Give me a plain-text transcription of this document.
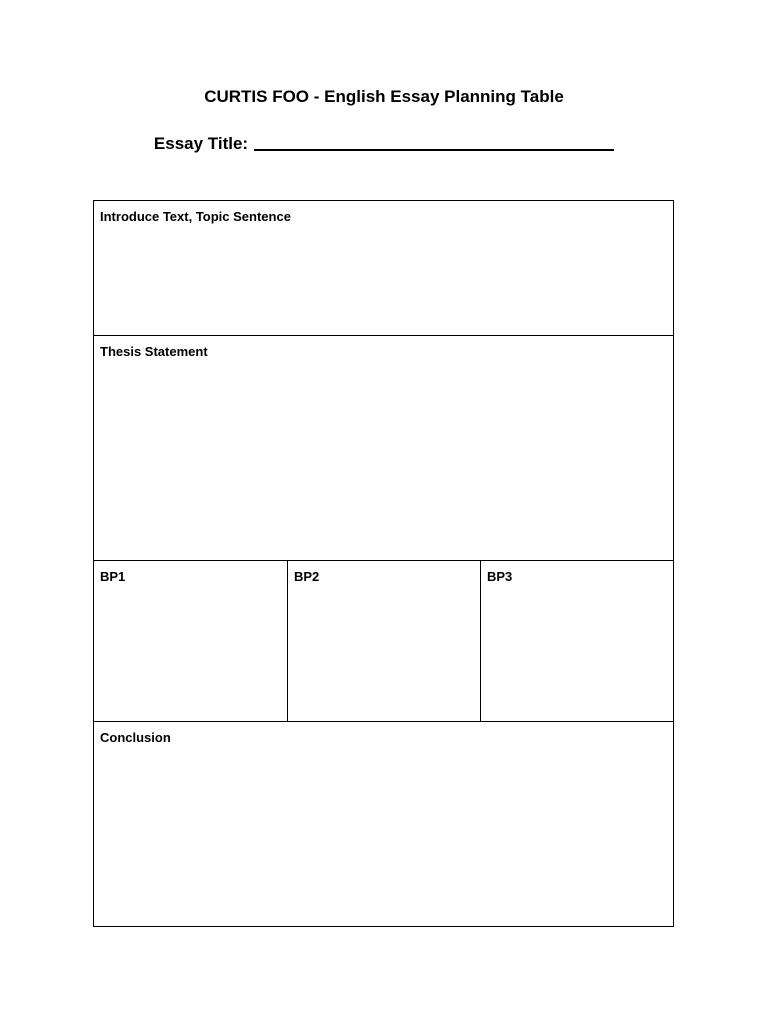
CURTIS FOO - English Essay Planning Table
Essay Title:
Introduce Text, Topic Sentence
Thesis Statement
BP1	BP2	BP3
Conclusion
